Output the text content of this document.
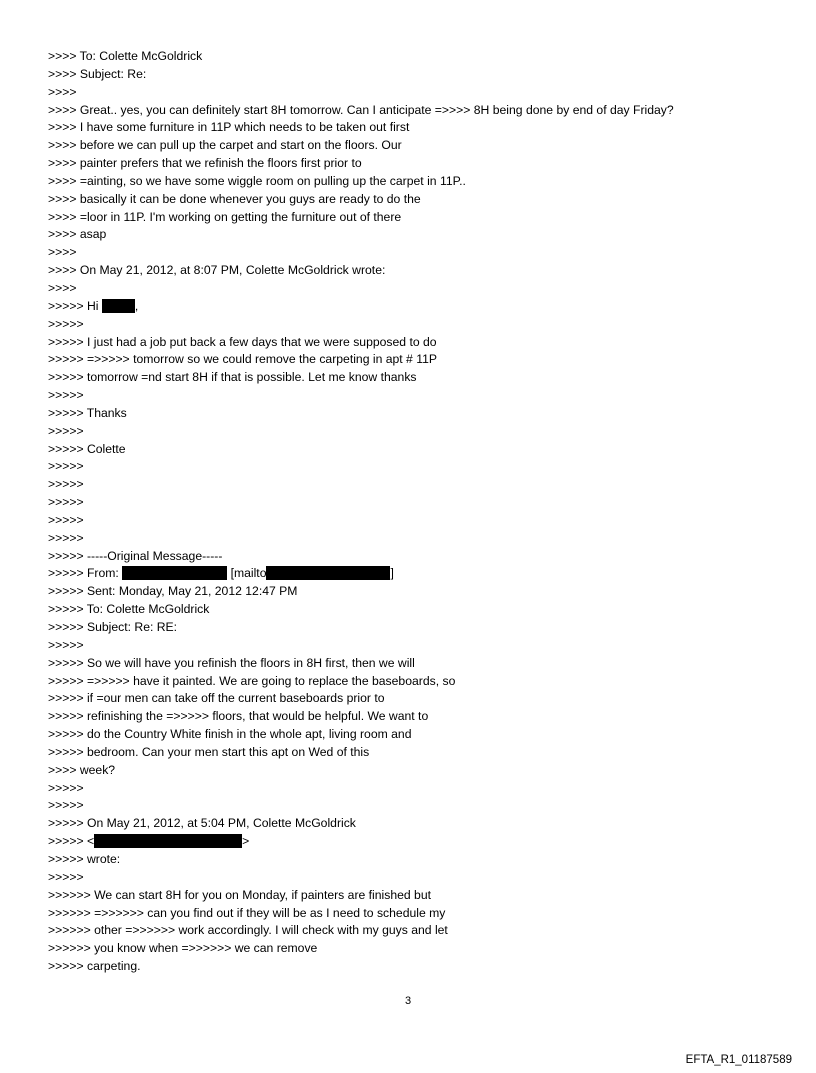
>>>> To: Colette McGoldrick
>>>> Subject: Re:
>>>>
>>>> Great.. yes, you can definitely start 8H tomorrow. Can I anticipate =>>>> 8H being done by end of day Friday?
>>>> I have some furniture in 11P which needs to be taken out first
>>>> before we can pull up the carpet and start on the floors. Our
>>>> painter prefers that we refinish the floors first prior to
>>>> =ainting, so we have some wiggle room on pulling up the carpet in 11P..
>>>> basically it can be done whenever you guys are ready to do the
>>>> =loor in 11P. I'm working on getting the furniture out of there
>>>> asap
>>>>
>>>> On May 21, 2012, at 8:07 PM, Colette McGoldrick wrote:
>>>>
>>>>> Hi	,
>>>>>
>>>>> I just had a job put back a few days that we were supposed to do
>>>>> =>>>>> tomorrow so we could remove the carpeting in apt # 11P
>>>>> tomorrow =nd start 8H if that is possible. Let me know thanks
>>>>>
>>>>> Thanks
>>>>>
>>>>> Colette
>>>>>
>>>>>
>>>>>
>>>>>
>>>>>
>>>>> -----Original Message-----
>>>>> From:	[mailto	]
>>>>> Sent: Monday, May 21, 2012 12:47 PM
>>>>> To: Colette McGoldrick
>>>>> Subject: Re: RE:
>>>>>
>>>>> So we will have you refinish the floors in 8H first, then we will
>>>>> =>>>>> have it painted. We are going to replace the baseboards, so
>>>>> if =our men can take off the current baseboards prior to
>>>>> refinishing the =>>>>> floors, that would be helpful. We want to
>>>>> do the Country White finish in the whole apt, living room and
>>>>> bedroom. Can your men start this apt on Wed of this
>>>> week?
>>>>>
>>>>>
>>>>> On May 21, 2012, at 5:04 PM, Colette McGoldrick
>>>>> <	>
>>>>> wrote:
>>>>>
>>>>>> We can start 8H for you on Monday, if painters are finished but
>>>>>> =>>>>>> can you find out if they will be as I need to schedule my
>>>>>> other =>>>>>> work accordingly. I will check with my guys and let
>>>>>> you know when =>>>>>> we can remove
>>>>> carpeting.
3
EFTA_R1_01187589
